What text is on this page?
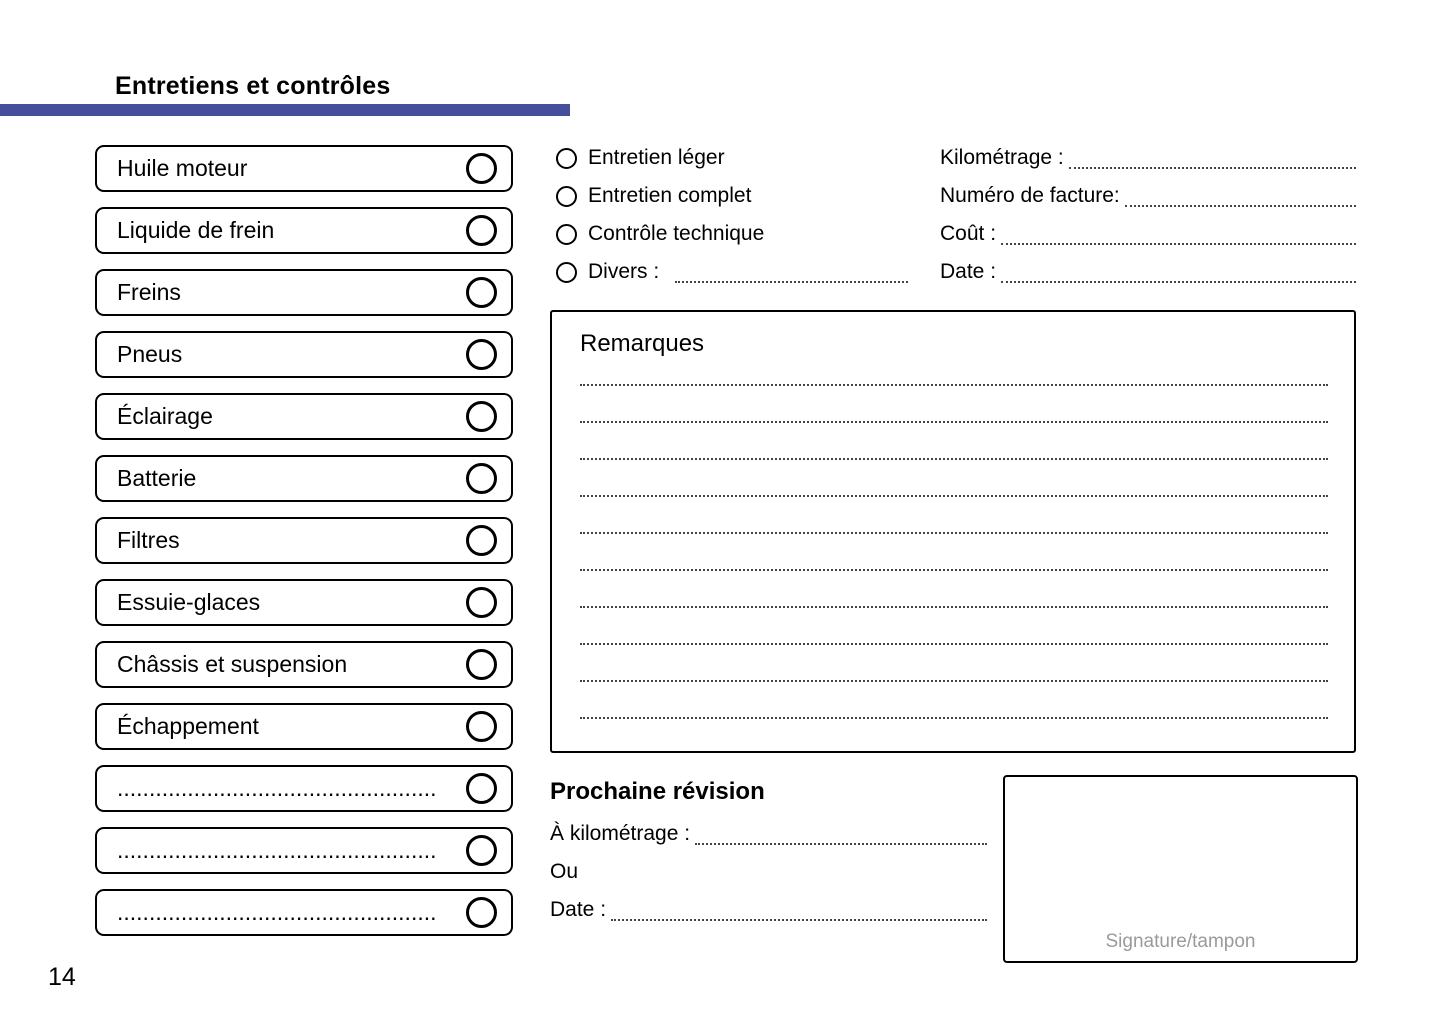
Entretiens et contrôles
Huile moteur
Liquide de frein
Freins
Pneus
Éclairage
Batterie
Filtres
Essuie-glaces
Châssis et suspension
Échappement
..................................................
..................................................
..................................................
Entretien léger
Entretien complet
Contrôle technique
Divers :
Kilométrage :
Numéro de facture:
Coût :
Date :
Remarques
Prochaine révision
À kilométrage :
Ou
Date :
Signature/tampon
14
